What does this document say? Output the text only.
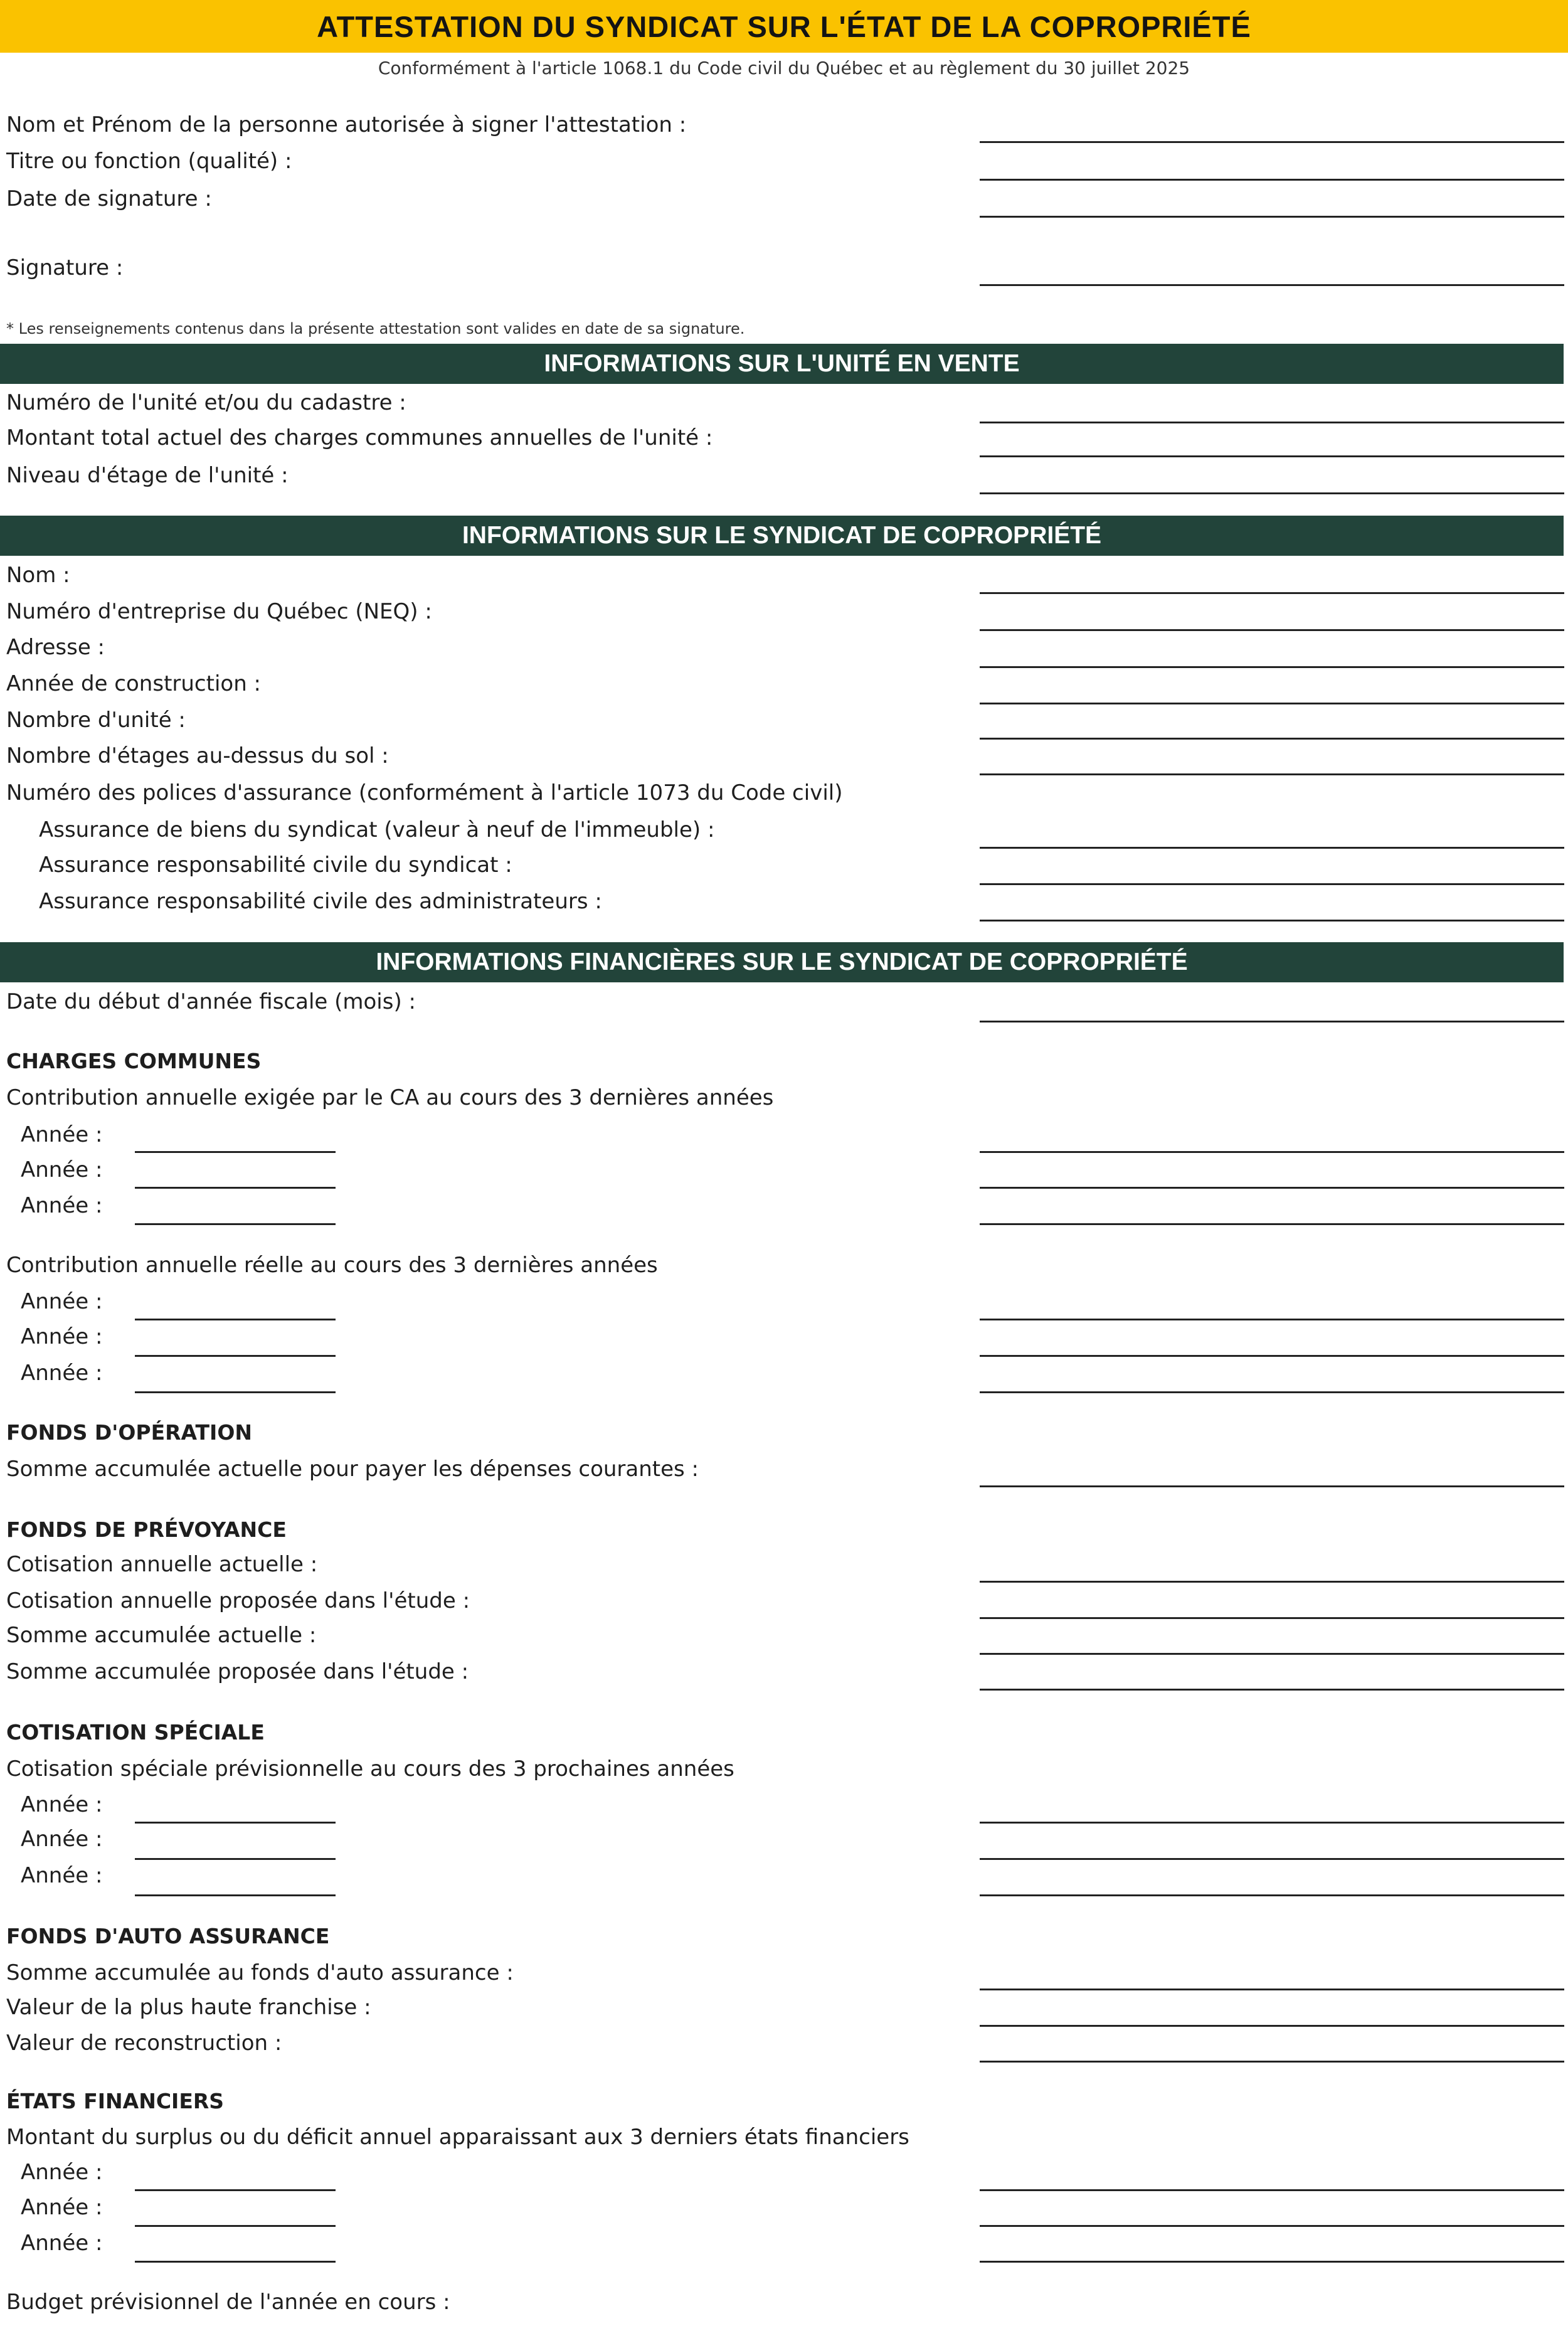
ATTESTATION DU SYNDICAT SUR L'ÉTAT DE LA COPROPRIÉTÉ
Conformément à l'article 1068.1 du Code civil du Québec et au règlement du 30 juillet 2025
Nom et Prénom de la personne autorisée à signer l'attestation :
Titre ou fonction (qualité) :
Date de signature :
Signature :
* Les renseignements contenus dans la présente attestation sont valides en date de sa signature.
INFORMATIONS SUR L'UNITÉ EN VENTE
Numéro de l'unité et/ou du cadastre :
Montant total actuel des charges communes annuelles de l'unité :
Niveau d'étage de l'unité :
INFORMATIONS SUR LE SYNDICAT DE COPROPRIÉTÉ
Nom :
Numéro d'entreprise du Québec (NEQ) :
Adresse :
Année de construction :
Nombre d'unité :
Nombre d'étages au-dessus du sol :
Numéro des polices d'assurance (conformément à l'article 1073 du Code civil)
Assurance de biens du syndicat (valeur à neuf de l'immeuble) :
Assurance responsabilité civile du syndicat :
Assurance responsabilité civile des administrateurs :
INFORMATIONS FINANCIÈRES SUR LE SYNDICAT DE COPROPRIÉTÉ
Date du début d'année fiscale (mois) :
CHARGES COMMUNES
Contribution annuelle exigée par le CA au cours des 3 dernières années
Année :
Année :
Année :
Contribution annuelle réelle au cours des 3 dernières années
Année :
Année :
Année :
FONDS D'OPÉRATION
Somme accumulée actuelle pour payer les dépenses courantes :
FONDS DE PRÉVOYANCE
Cotisation annuelle actuelle :
Cotisation annuelle proposée dans l'étude :
Somme accumulée actuelle :
Somme accumulée proposée dans l'étude :
COTISATION SPÉCIALE
Cotisation spéciale prévisionnelle au cours des 3 prochaines années
Année :
Année :
Année :
FONDS D'AUTO ASSURANCE
Somme accumulée au fonds d'auto assurance :
Valeur de la plus haute franchise :
Valeur de reconstruction :
ÉTATS FINANCIERS
Montant du surplus ou du déficit annuel apparaissant aux 3 derniers états financiers
Année :
Année :
Année :
Budget prévisionnel de l'année en cours :
